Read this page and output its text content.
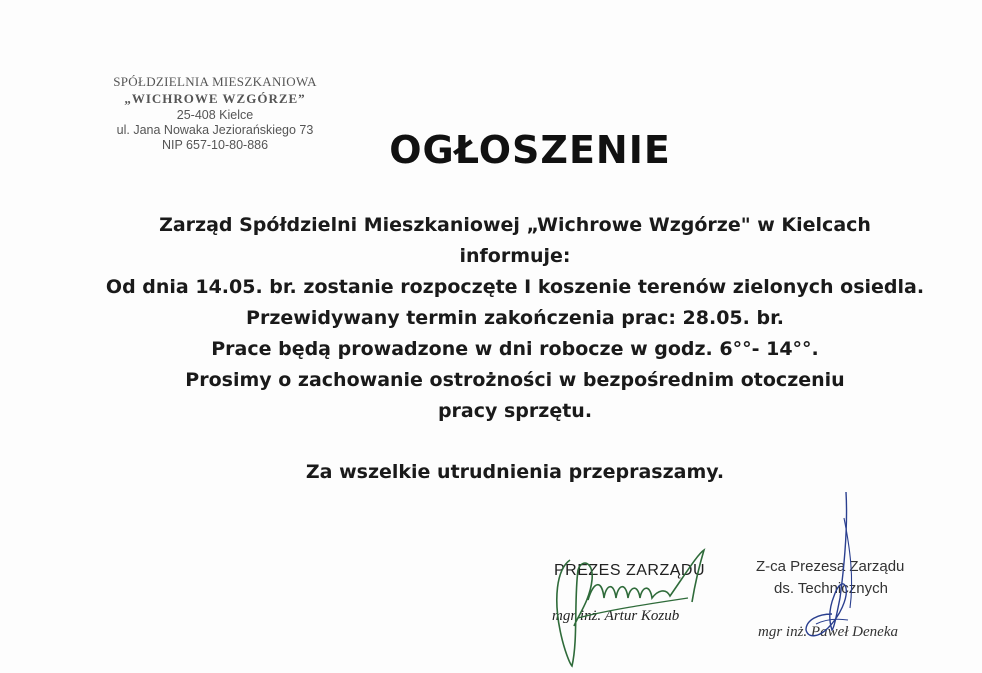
SPÓŁDZIELNIA MIESZKANIOWA
„WICHROWE WZGÓRZE”
25-408 Kielce
ul. Jana Nowaka Jeziorańskiego 73
NIP 657-10-80-886	OGŁOSZENIE
Zarząd Spółdzielni Mieszkaniowej „Wichrowe Wzgórze" w Kielcach
informuje:
Od dnia 14.05. br. zostanie rozpoczęte I koszenie terenów zielonych osiedla.
Przewidywany termin zakończenia prac: 28.05. br.
Prace będą prowadzone w dni robocze w godz. 6°°- 14°°.
Prosimy o zachowanie ostrożności w bezpośrednim otoczeniu
pracy sprzętu.
Za wszelkie utrudnienia przepraszamy.
PREZES ZARZĄDU
mgr inż. Artur Kozub
Z-ca Prezesa Zarządu
ds. Technicznych
mgr inż. Paweł Deneka
